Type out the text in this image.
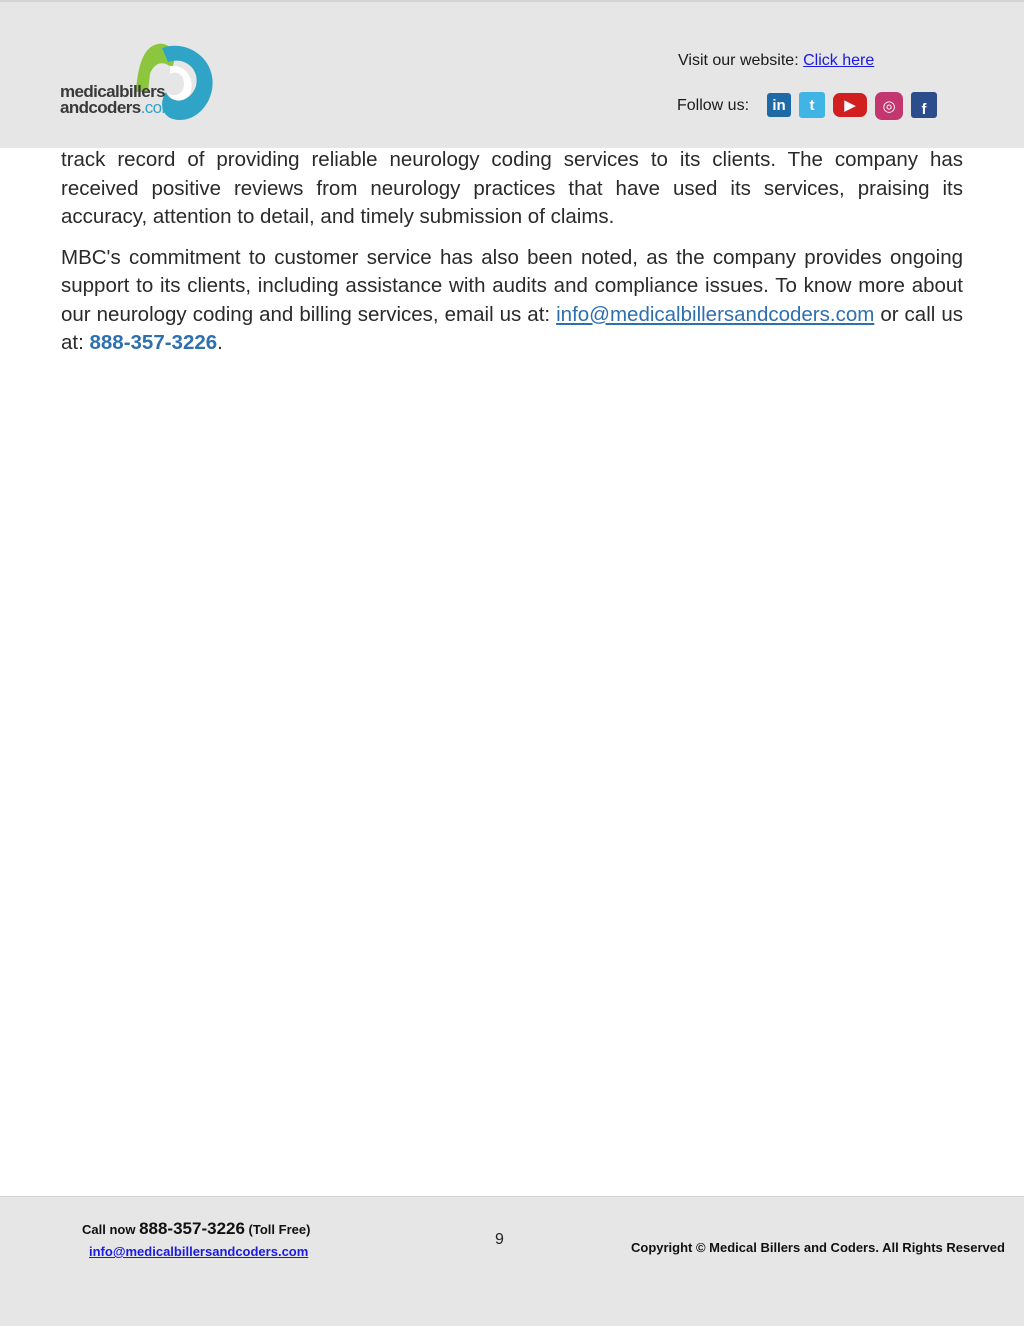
medicalbillers
andcoders.com
Visit our website: Click here
Follow us:	in	t	▶	◎	f

track record of providing reliable neurology coding services to its clients. The company has received positive reviews from neurology practices that have used its services, praising its accuracy, attention to detail, and timely submission of claims.

MBC's commitment to customer service has also been noted, as the company provides ongoing support to its clients, including assistance with audits and compliance issues. To know more about our neurology coding and billing services, email us at: info@medicalbillersandcoders.com or call us at: 888-357-3226.

Call now 888-357-3226 (Toll Free)
info@medicalbillersandcoders.com
9	Copyright © Medical Billers and Coders. All Rights Reserved
